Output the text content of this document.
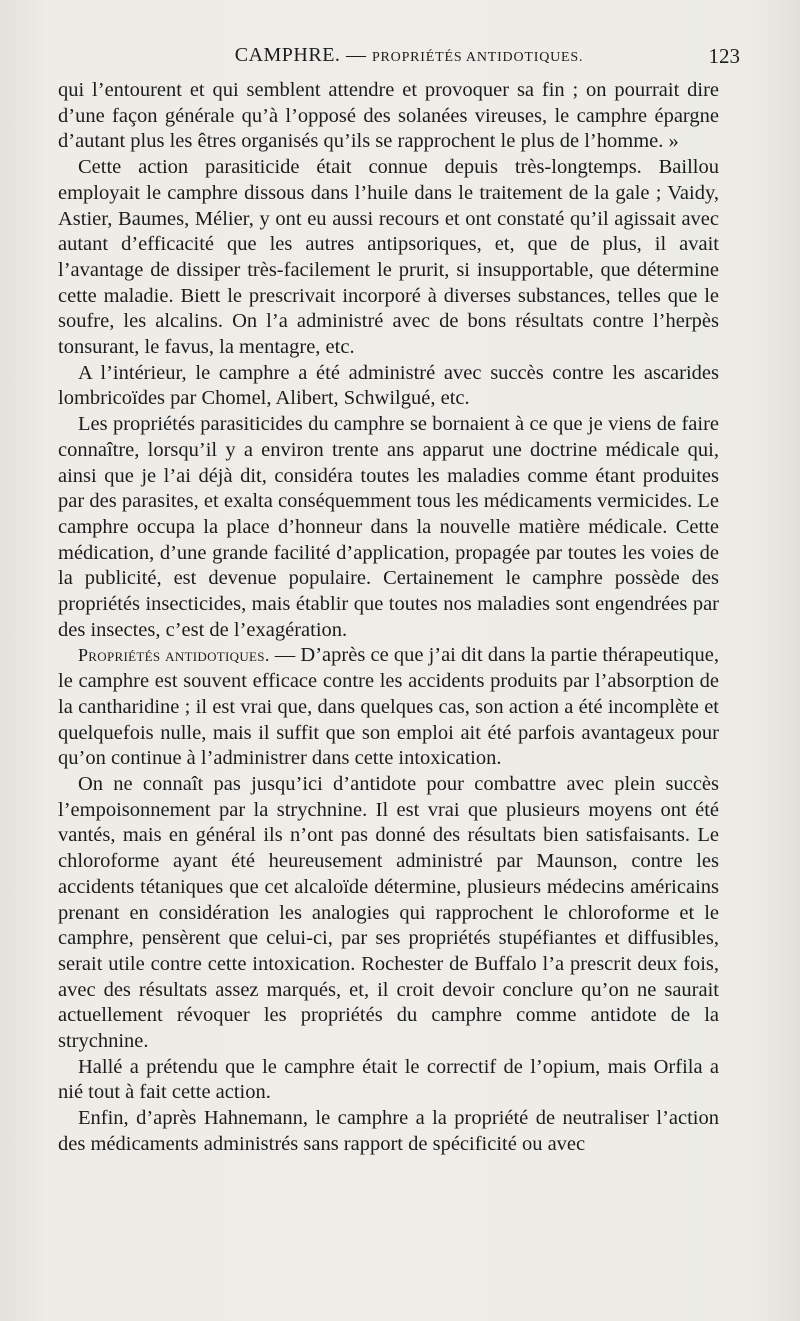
CAMPHRE. — PROPRIÉTÉS ANTIDOTIQUES.	123

qui l’entourent et qui semblent attendre et provoquer sa fin ; on pourrait dire d’une façon générale qu’à l’opposé des solanées vireuses, le camphre épargne d’autant plus les êtres organisés qu’ils se rapprochent le plus de l’homme. »

Cette action parasiticide était connue depuis très-longtemps. Baillou employait le camphre dissous dans l’huile dans le traitement de la gale ; Vaidy, Astier, Baumes, Mélier, y ont eu aussi recours et ont constaté qu’il agissait avec autant d’efficacité que les autres antipsoriques, et, que de plus, il avait l’avantage de dissiper très-facilement le prurit, si insupportable, que détermine cette maladie. Biett le prescrivait incorporé à diverses substances, telles que le soufre, les alcalins. On l’a administré avec de bons résultats contre l’herpès tonsurant, le favus, la mentagre, etc.

A l’intérieur, le camphre a été administré avec succès contre les ascarides lombricoïdes par Chomel, Alibert, Schwilgué, etc.

Les propriétés parasiticides du camphre se bornaient à ce que je viens de faire connaître, lorsqu’il y a environ trente ans apparut une doctrine médicale qui, ainsi que je l’ai déjà dit, considéra toutes les maladies comme étant produites par des parasites, et exalta conséquemment tous les médicaments vermicides. Le camphre occupa la place d’honneur dans la nouvelle matière médicale. Cette médication, d’une grande facilité d’application, propagée par toutes les voies de la publicité, est devenue populaire. Certainement le camphre possède des propriétés insecticides, mais établir que toutes nos maladies sont engendrées par des insectes, c’est de l’exagération.

Propriétés antidotiques. — D’après ce que j’ai dit dans la partie thérapeutique, le camphre est souvent efficace contre les accidents produits par l’absorption de la cantharidine ; il est vrai que, dans quelques cas, son action a été incomplète et quelquefois nulle, mais il suffit que son emploi ait été parfois avantageux pour qu’on continue à l’administrer dans cette intoxication.

On ne connaît pas jusqu’ici d’antidote pour combattre avec plein succès l’empoisonnement par la strychnine. Il est vrai que plusieurs moyens ont été vantés, mais en général ils n’ont pas donné des résultats bien satisfaisants. Le chloroforme ayant été heureusement administré par Maunson, contre les accidents tétaniques que cet alcaloïde détermine, plusieurs médecins américains prenant en considération les analogies qui rapprochent le chloroforme et le camphre, pensèrent que celui-ci, par ses propriétés stupéfiantes et diffusibles, serait utile contre cette intoxication. Rochester de Buffalo l’a prescrit deux fois, avec des résultats assez marqués, et, il croit devoir conclure qu’on ne saurait actuellement révoquer les propriétés du camphre comme antidote de la strychnine.

Hallé a prétendu que le camphre était le correctif de l’opium, mais Orfila a nié tout à fait cette action.

Enfin, d’après Hahnemann, le camphre a la propriété de neutraliser l’action des médicaments administrés sans rapport de spécificité ou avec
